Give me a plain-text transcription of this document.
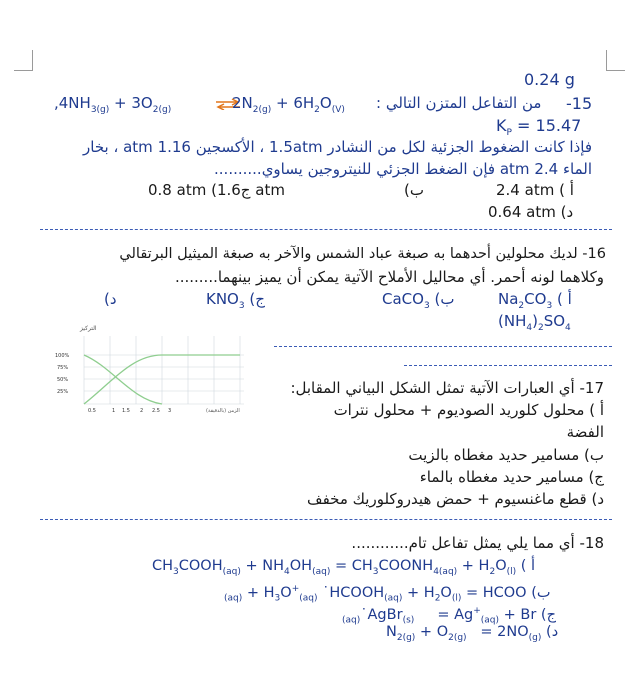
0.24 g
$,4NH_{3(g)} + 3O_{2(g)}$	$2N_{2(g)} + 6H_2O_{(V)}$ من التفاعل المتزن التالي : -15
$K_P = 15.47$
فإذا كانت الضغوط الجزئية لكل من النشادر 1.5atm ، الأكسجين 1.16 atm ، بخار
الماء 2.4 atm فإن الضغط الجزئي للنيتروجين يساوي..........
0.8 atm (ج1.6 atm	ب)	2.4 atm ( أ
0.64 atm (د
16- لديك محلولين أحدهما به صبغة عباد الشمس والآخر به صبغة الميثيل البرتقالي
وكلاهما لونه أحمر. أي محاليل الأملاح الآتية يمكن أن يميز بينهما.........
د)	$KNO_3$ (ج	CaCO$_3$ (ب	$Na_2CO_3$ ( أ
$(NH_4)_2SO_4$
التركيز
100%
75%
50%
25%
0.5	1 1.5 2 2.5 3	الزمن (بالدقيقة)
17- أي العبارات الآتية تمثل الشكل البياني المقابل:
أ ) محلول كلوريد الصوديوم + محلول نترات
الفضة
ب) مسامير حديد مغطاه بالزيت
ج) مسامير حديد مغطاه بالماء
د) قطع ماغنسيوم + حمض هيدروكلوريك مخفف
18- أي مما يلي يمثل تفاعل تام............
$CH_3COOH_{(aq)} + NH_4OH_{(aq)}$ = $CH_3COONH_{4(aq)} + H_2O_{(l)}$ ( أ
$_{(aq)} + H_3O^+_{(aq)}$ $˙HCOOH_{(aq)} + H_2O_{(l)}$ = HCOO (ب
$_{(aq)}$˙AgBr$_{(s)}$     = $Ag^+_{(aq)} + Br$ (ج
$N_{2(g)} + O_{2(g)} = 2NO_{(g)}$ (د
